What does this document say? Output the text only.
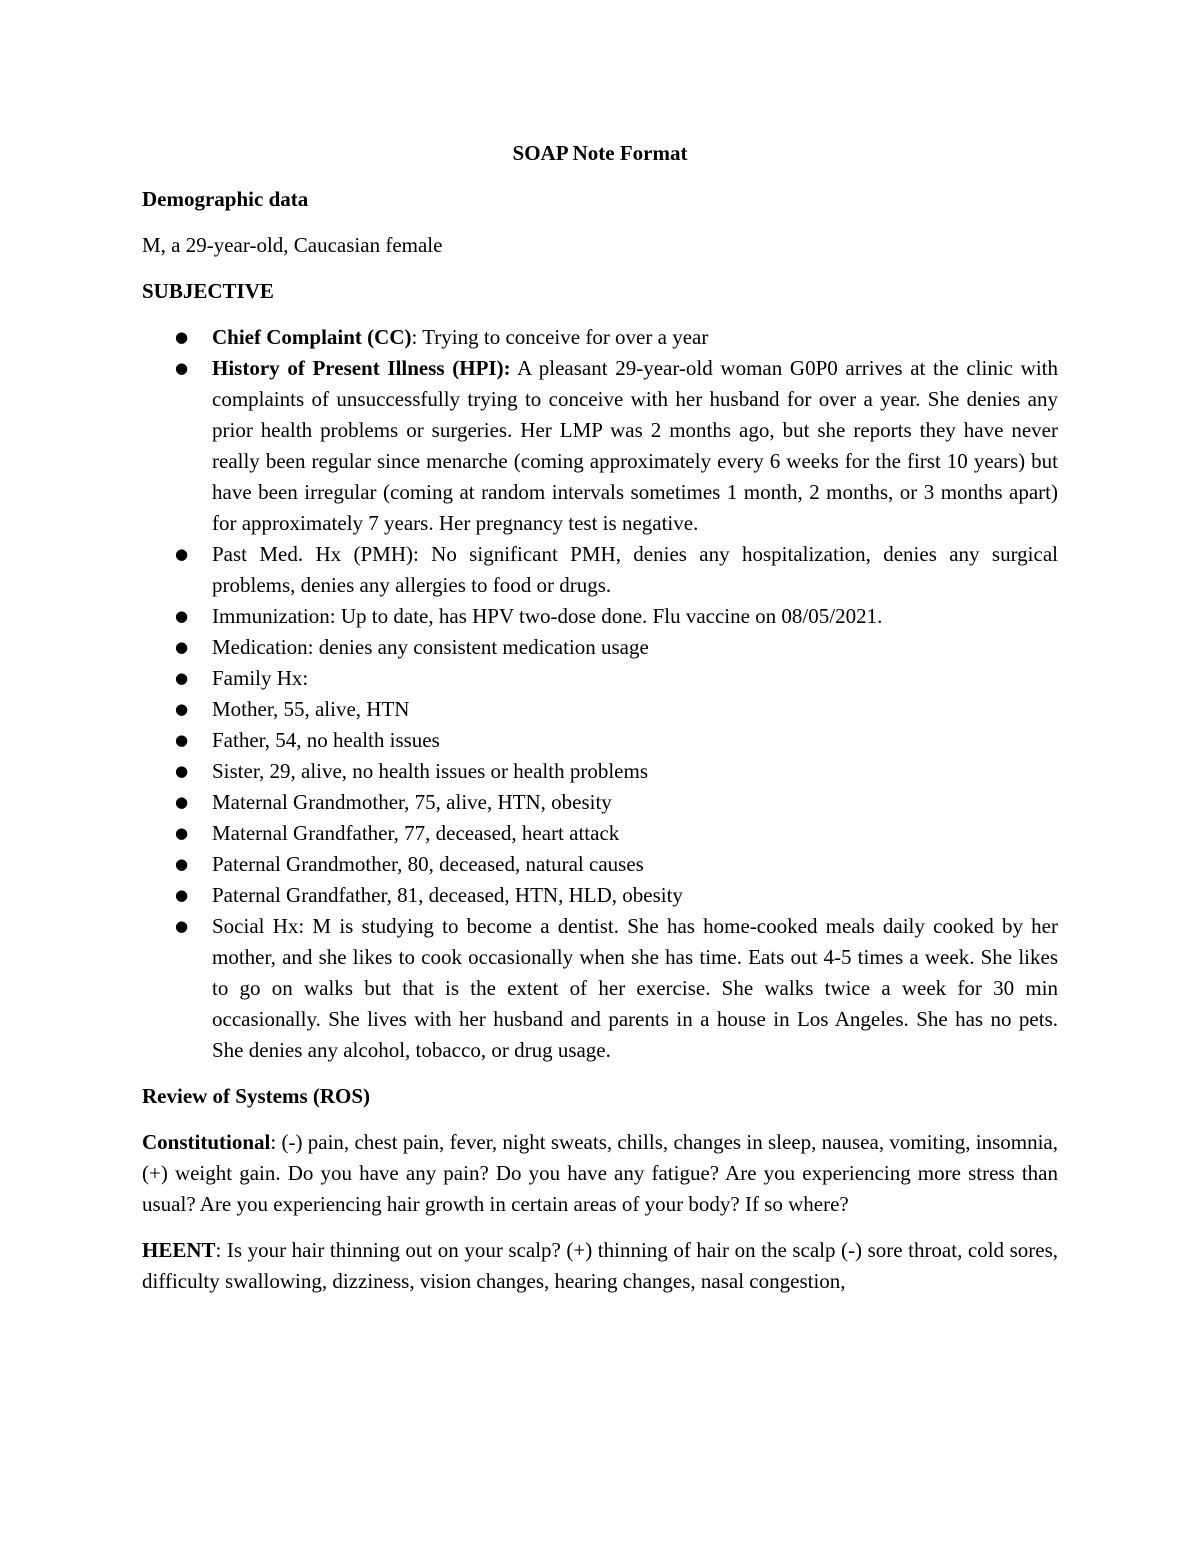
SOAP Note Format
Demographic data
M, a 29-year-old, Caucasian female
SUBJECTIVE
● Chief Complaint (CC): Trying to conceive for over a year
● History of Present Illness (HPI): A pleasant 29-year-old woman G0P0 arrives at the clinic with complaints of unsuccessfully trying to conceive with her husband for over a year. She denies any prior health problems or surgeries. Her LMP was 2 months ago, but she reports they have never really been regular since menarche (coming approximately every 6 weeks for the first 10 years) but have been irregular (coming at random intervals sometimes 1 month, 2 months, or 3 months apart) for approximately 7 years. Her pregnancy test is negative.
● Past Med. Hx (PMH): No significant PMH, denies any hospitalization, denies any surgical problems, denies any allergies to food or drugs.
● Immunization: Up to date, has HPV two-dose done. Flu vaccine on 08/05/2021.
● Medication: denies any consistent medication usage
● Family Hx:
● Mother, 55, alive, HTN
● Father, 54, no health issues
● Sister, 29, alive, no health issues or health problems
● Maternal Grandmother, 75, alive, HTN, obesity
● Maternal Grandfather, 77, deceased, heart attack
● Paternal Grandmother, 80, deceased, natural causes
● Paternal Grandfather, 81, deceased, HTN, HLD, obesity
● Social Hx: M is studying to become a dentist. She has home-cooked meals daily cooked by her mother, and she likes to cook occasionally when she has time. Eats out 4-5 times a week. She likes to go on walks but that is the extent of her exercise. She walks twice a week for 30 min occasionally. She lives with her husband and parents in a house in Los Angeles. She has no pets. She denies any alcohol, tobacco, or drug usage.
Review of Systems (ROS)
Constitutional: (-) pain, chest pain, fever, night sweats, chills, changes in sleep, nausea, vomiting, insomnia, (+) weight gain. Do you have any pain? Do you have any fatigue? Are you experiencing more stress than usual? Are you experiencing hair growth in certain areas of your body? If so where?
HEENT: Is your hair thinning out on your scalp? (+) thinning of hair on the scalp (-) sore throat, cold sores, difficulty swallowing, dizziness, vision changes, hearing changes, nasal congestion,
